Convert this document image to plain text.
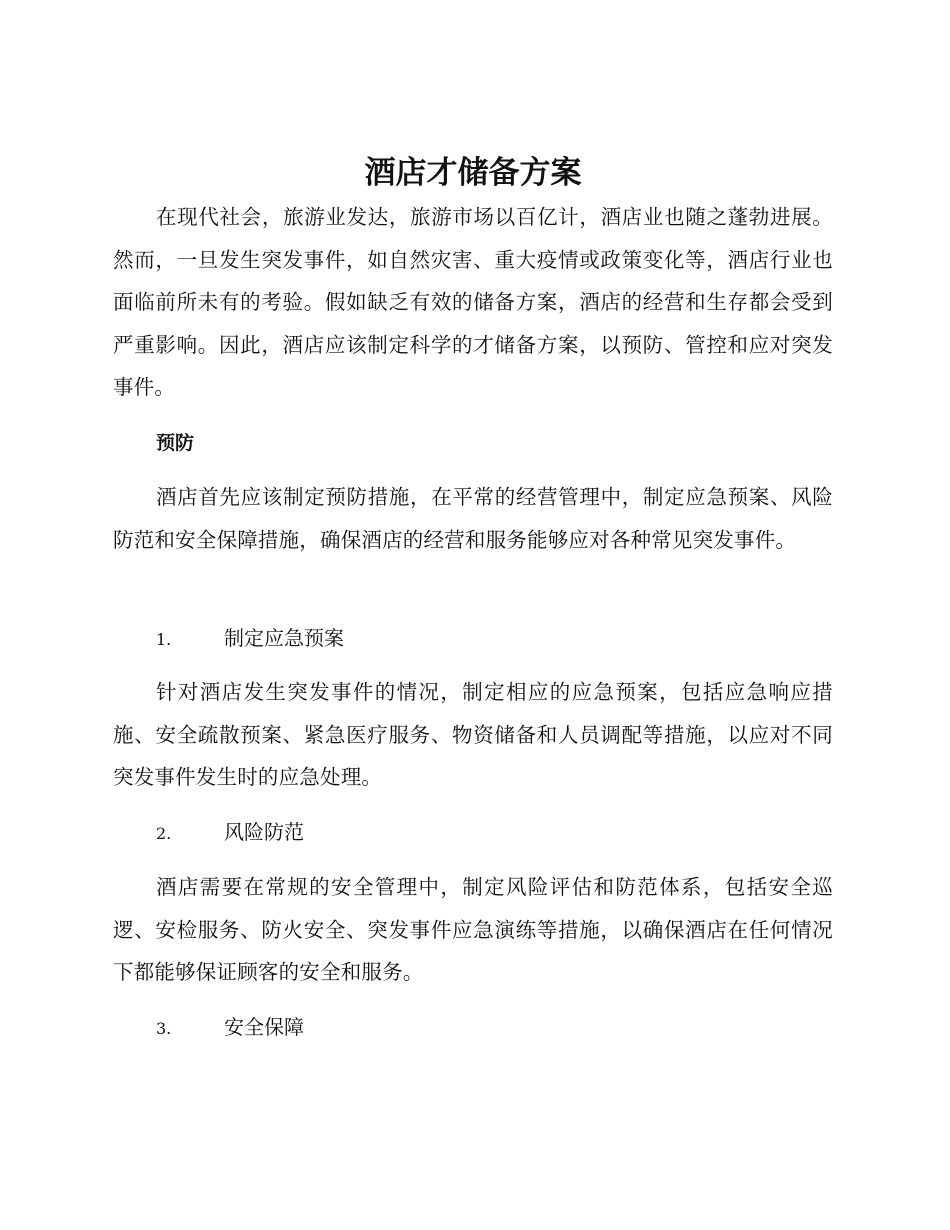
酒店才储备方案

在现代社会，旅游业发达，旅游市场以百亿计，酒店业也随之蓬勃进展。然而，一旦发生突发事件，如自然灾害、重大疫情或政策变化等，酒店行业也面临前所未有的考验。假如缺乏有效的储备方案，酒店的经营和生存都会受到严重影响。因此，酒店应该制定科学的才储备方案，以预防、管控和应对突发事件。

预防

酒店首先应该制定预防措施，在平常的经营管理中，制定应急预案、风险防范和安全保障措施，确保酒店的经营和服务能够应对各种常见突发事件。

1.	制定应急预案

针对酒店发生突发事件的情况，制定相应的应急预案，包括应急响应措施、安全疏散预案、紧急医疗服务、物资储备和人员调配等措施，以应对不同突发事件发生时的应急处理。

2.	风险防范

酒店需要在常规的安全管理中，制定风险评估和防范体系，包括安全巡逻、安检服务、防火安全、突发事件应急演练等措施，以确保酒店在任何情况下都能够保证顾客的安全和服务。

3.	安全保障
